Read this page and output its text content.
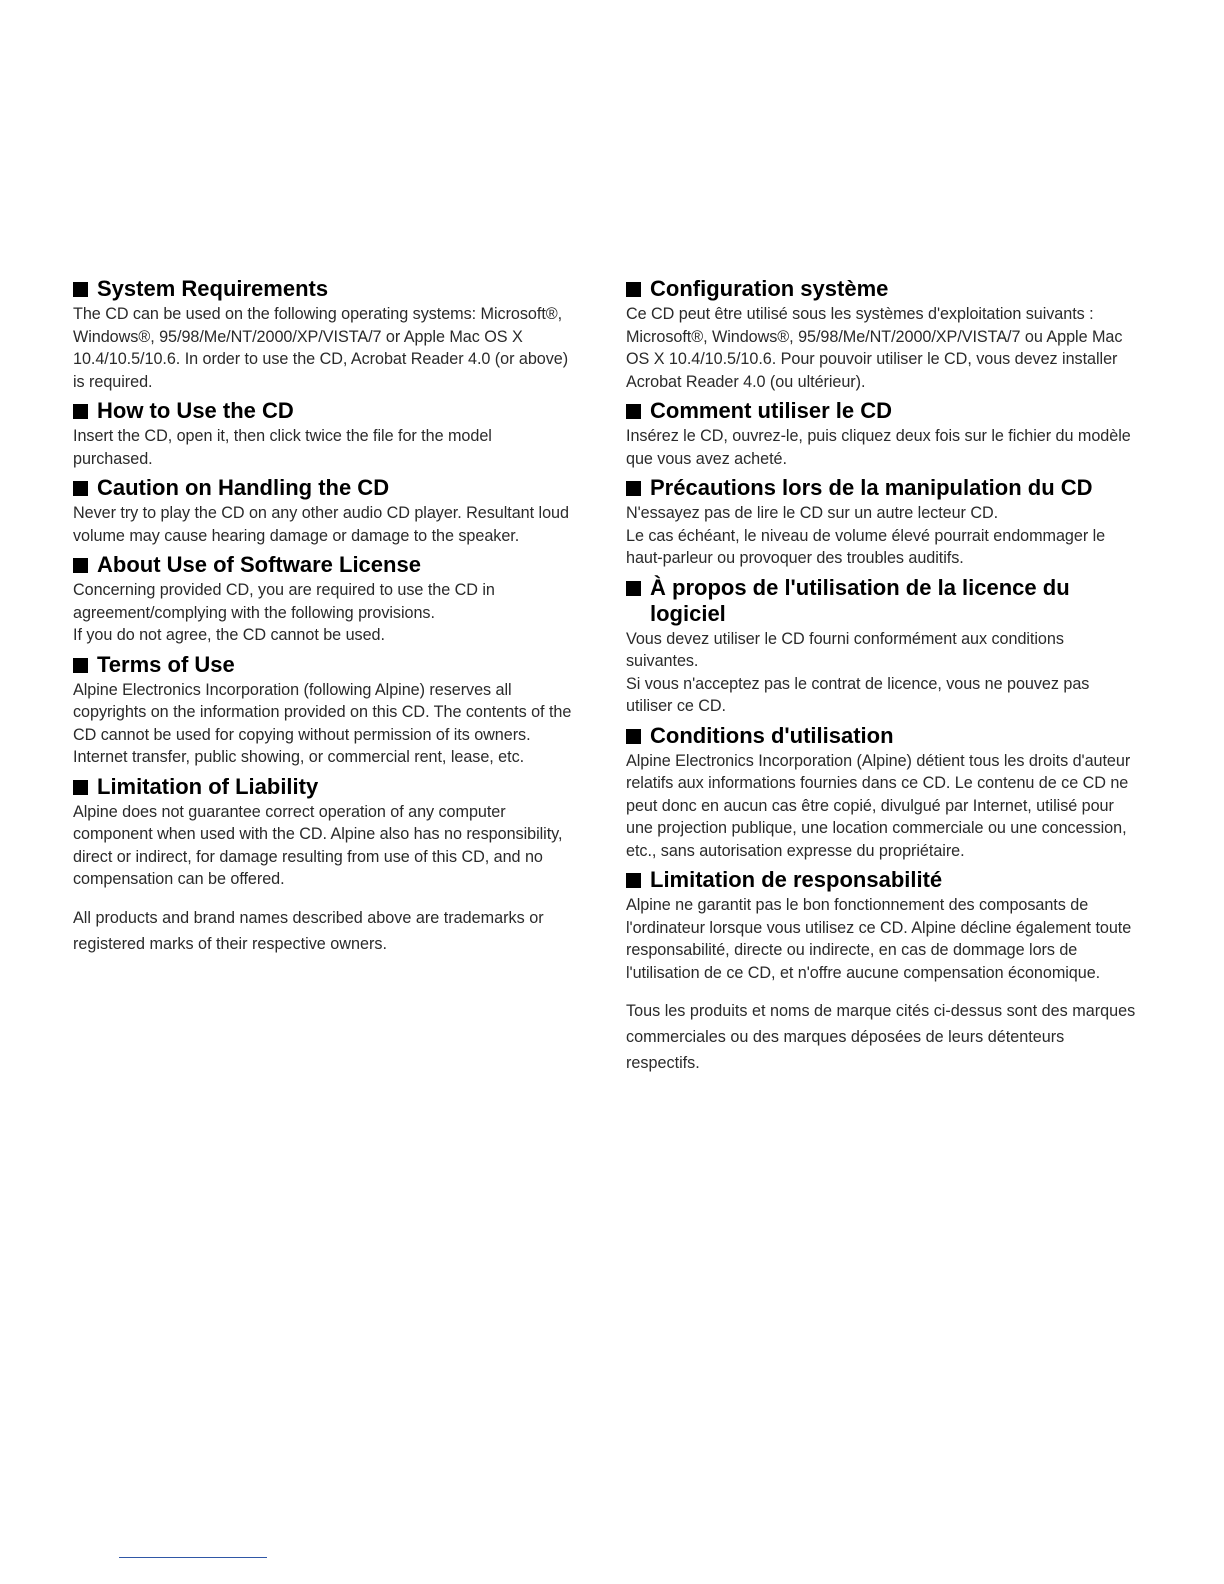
System Requirements

The CD can be used on the following operating systems: Microsoft®, Windows®, 95/98/Me/NT/2000/XP/VISTA/7 or Apple Mac OS X 10.4/10.5/10.6. In order to use the CD, Acrobat Reader 4.0 (or above) is required.

How to Use the CD

Insert the CD, open it, then click twice the file for the model purchased.

Caution on Handling the CD

Never try to play the CD on any other audio CD player. Resultant loud volume may cause hearing damage or damage to the speaker.

About Use of Software License

Concerning provided CD, you are required to use the CD in agreement/complying with the following provisions.

If you do not agree, the CD cannot be used.

Terms of Use

Alpine Electronics Incorporation (following Alpine) reserves all copyrights on the information provided on this CD. The contents of the CD cannot be used for copying without permission of its owners. Internet transfer, public showing, or commercial rent, lease, etc.

Limitation of Liability

Alpine does not guarantee correct operation of any computer component when used with the CD. Alpine also has no responsibility, direct or indirect, for damage resulting from use of this CD, and no compensation can be offered.

All products and brand names described above are trademarks or registered marks of their respective owners.
Configuration système

Ce CD peut être utilisé sous les systèmes d'exploitation suivants : Microsoft®, Windows®, 95/98/Me/NT/2000/XP/VISTA/7 ou Apple Mac OS X 10.4/10.5/10.6. Pour pouvoir utiliser le CD, vous devez installer Acrobat Reader 4.0 (ou ultérieur).

Comment utiliser le CD

Insérez le CD, ouvrez-le, puis cliquez deux fois sur le fichier du modèle que vous avez acheté.

Précautions lors de la manipulation du CD

N'essayez pas de lire le CD sur un autre lecteur CD.

Le cas échéant, le niveau de volume élevé pourrait endommager le haut-parleur ou provoquer des troubles auditifs.

À propos de l'utilisation de la licence du logiciel

Vous devez utiliser le CD fourni conformément aux conditions suivantes.

Si vous n'acceptez pas le contrat de licence, vous ne pouvez pas utiliser ce CD.

Conditions d'utilisation

Alpine Electronics Incorporation (Alpine) détient tous les droits d'auteur relatifs aux informations fournies dans ce CD. Le contenu de ce CD ne peut donc en aucun cas être copié, divulgué par Internet, utilisé pour une projection publique, une location commerciale ou une concession, etc., sans autorisation expresse du propriétaire.

Limitation de responsabilité

Alpine ne garantit pas le bon fonctionnement des composants de l'ordinateur lorsque vous utilisez ce CD. Alpine décline également toute responsabilité, directe ou indirecte, en cas de dommage lors de l'utilisation de ce CD, et n'offre aucune compensation économique.

Tous les produits et noms de marque cités ci-dessus sont des marques commerciales ou des marques déposées de leurs détenteurs respectifs.
